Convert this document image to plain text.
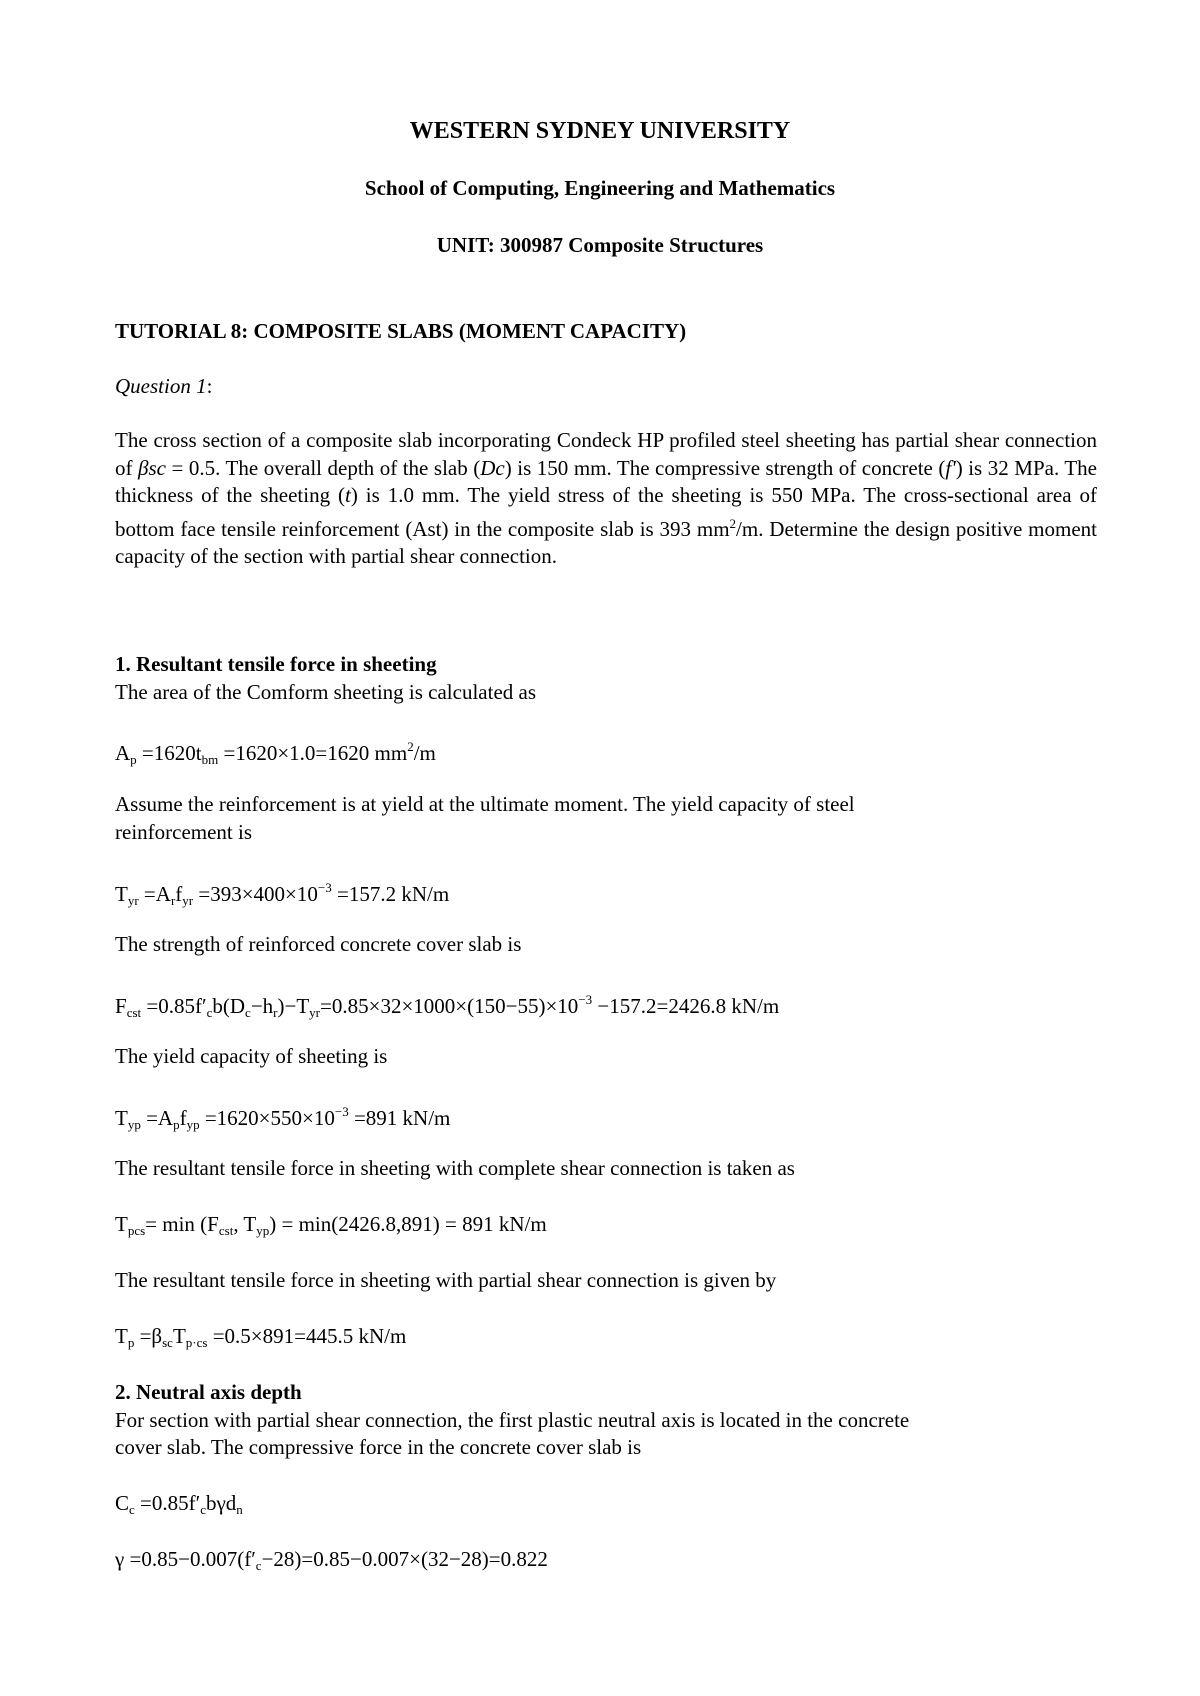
WESTERN SYDNEY UNIVERSITY
School of Computing, Engineering and Mathematics
UNIT: 300987 Composite Structures
TUTORIAL 8: COMPOSITE SLABS (MOMENT CAPACITY)
Question 1:

The cross section of a composite slab incorporating Condeck HP profiled steel sheeting has partial shear connection of βsc = 0.5. The overall depth of the slab (Dc) is 150 mm. The compressive strength of concrete (f') is 32 MPa. The thickness of the sheeting (t) is 1.0 mm. The yield stress of the sheeting is 550 MPa. The cross-sectional area of bottom face tensile reinforcement (Ast) in the composite slab is 393 $mm^2/m$. Determine the design positive moment capacity of the section with partial shear connection.

1. Resultant tensile force in sheeting
The area of the Comform sheeting is calculated as
$A_p =1620t_{bm} =1620\times 1.0=1620$ $mm^2/m$
Assume the reinforcement is at yield at the ultimate moment. The yield capacity of steel
reinforcement is
$T_{yr} =A_rf_{yr} =393\times 400\times 10^{-3} =157.2$ kN/m
The strength of reinforced concrete cover slab is
$F_{cst} =0.85f'_cb(D_c-h_r)-T_{yr}=0.85\times 32\times 1000\times(150-55)\times 10^{-3} -157.2=2426.8$ kN/m
The yield capacity of sheeting is
$T_{yp} =A_pf_{yp} =1620\times 550\times 10^{-3} =891$ kN/m
The resultant tensile force in sheeting with complete shear connection is taken as
$T_{pcs}= \min (F_{cst}$, $T_{yp}) = \min(2426.8,891) = 891$ kN/m
The resultant tensile force in sheeting with partial shear connection is given by
$T_p =\beta_{sc}T_{p\cdot cs} =0.5\times 891=445.5$ kN/m
2. Neutral axis depth
For section with partial shear connection, the first plastic neutral axis is located in the concrete
cover slab. The compressive force in the concrete cover slab is
$C_c =0.85f'_cb\gamma d_n$
$\gamma =0.85-0.007(f'_c-28)=0.85-0.007\times(32-28)=0.822$
